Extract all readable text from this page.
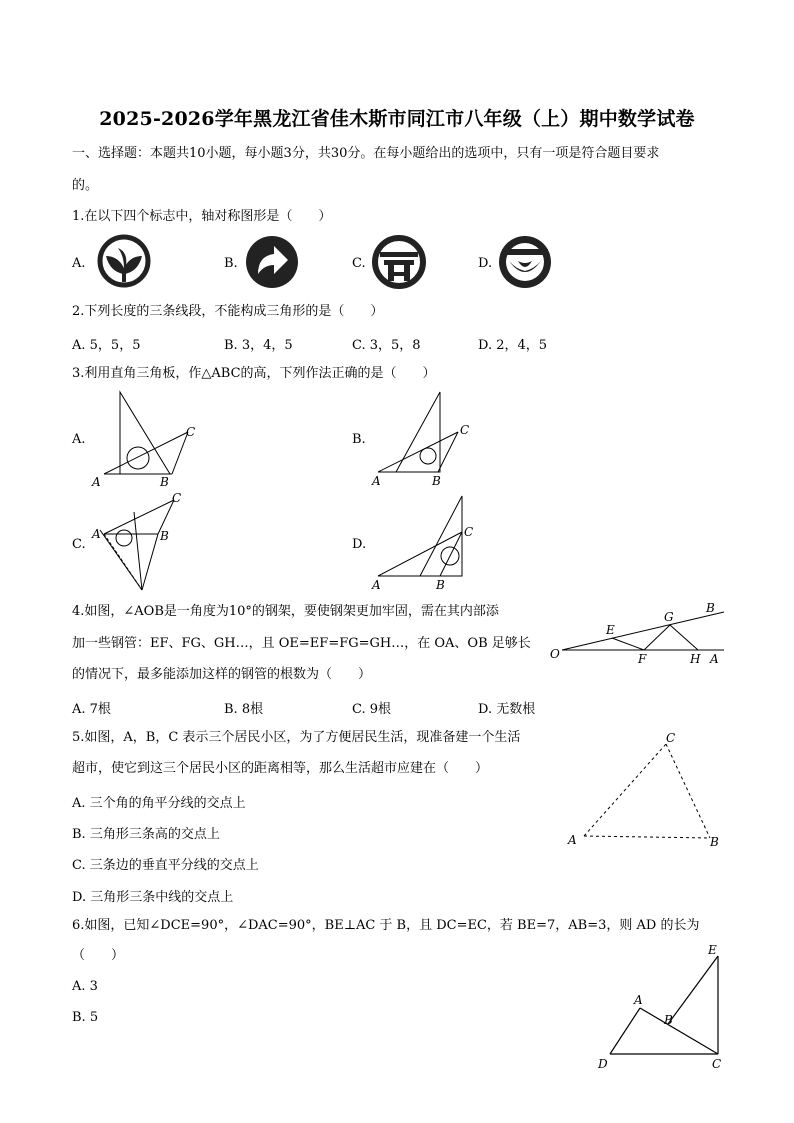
2025-2026学年黑龙江省佳木斯市同江市八年级（上）期中数学试卷
一、选择题：本题共10小题，每小题3分，共30分。在每小题给出的选项中，只有一项是符合题目要求
的。
1.在以下四个标志中，轴对称图形是（　　）
A.	B.	C.	D.
2.下列长度的三条线段，不能构成三角形的是（　　）
A. 5，5，5	B. 3，4，5	C. 3，5，8	D. 2，4，5
3.利用直角三角板，作△ABC的高，下列作法正确的是（　　）
A.	B.
C.	D.
A	B
C
A	B
C
A	B
C
A	B
C
4.如图，∠AOB是一角度为10°的钢架，要使钢架更加牢固，需在其内部添
加一些钢管：EF、FG、GH…，且 OE=EF=FG=GH…，在 OA、OB 足够长
的情况下，最多能添加这样的钢管的根数为（　　）
A. 7根	B. 8根	C. 9根	D. 无数根
O
E
F
G
H A
B
5.如图，A，B，C 表示三个居民小区，为了方便居民生活，现准备建一个生活
超市，使它到这三个居民小区的距离相等，那么生活超市应建在（　　）
A. 三个角的角平分线的交点上
B. 三角形三条高的交点上
C. 三条边的垂直平分线的交点上
D. 三角形三条中线的交点上
A	B
C
6.如图，已知∠DCE=90°，∠DAC=90°，BE⊥AC 于 B，且 DC=EC，若 BE=7，AB=3，则 AD 的长为
（　　）
A. 3
B. 5
D	C
E
A
B
